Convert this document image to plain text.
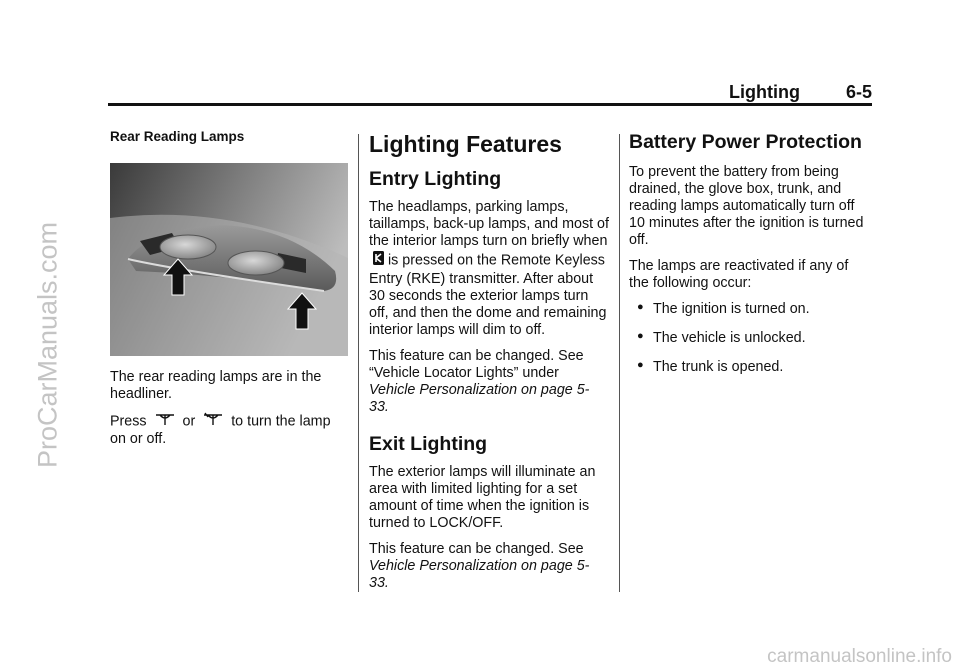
ProCarManuals.com
carmanualsonline.info
Lighting	6-5
Rear Reading Lamps

The rear reading lamps are in the headliner.

Press	or	to turn the lamp
on or off.

Lighting Features
Entry Lighting

The headlamps, parking lamps, taillamps, back-up lamps, and most of the interior lamps turn on briefly whenis pressed on the Remote Keyless Entry (RKE) transmitter. After about 30 seconds the exterior lamps turn off, and then the dome and remaining interior lamps will dim to off.

This feature can be changed. See “Vehicle Locator Lights” under Vehicle Personalization on page 5-33.

Exit Lighting

The exterior lamps will illuminate an area with limited lighting for a set amount of time when the ignition is turned to LOCK/OFF.

This feature can be changed. See Vehicle Personalization on page 5-33.

Battery Power Protection

To prevent the battery from being drained, the glove box, trunk, and reading lamps automatically turn off 10 minutes after the ignition is turned off.

The lamps are reactivated if any of the following occur:

● The ignition is turned on.
● The vehicle is unlocked.
● The trunk is opened.
